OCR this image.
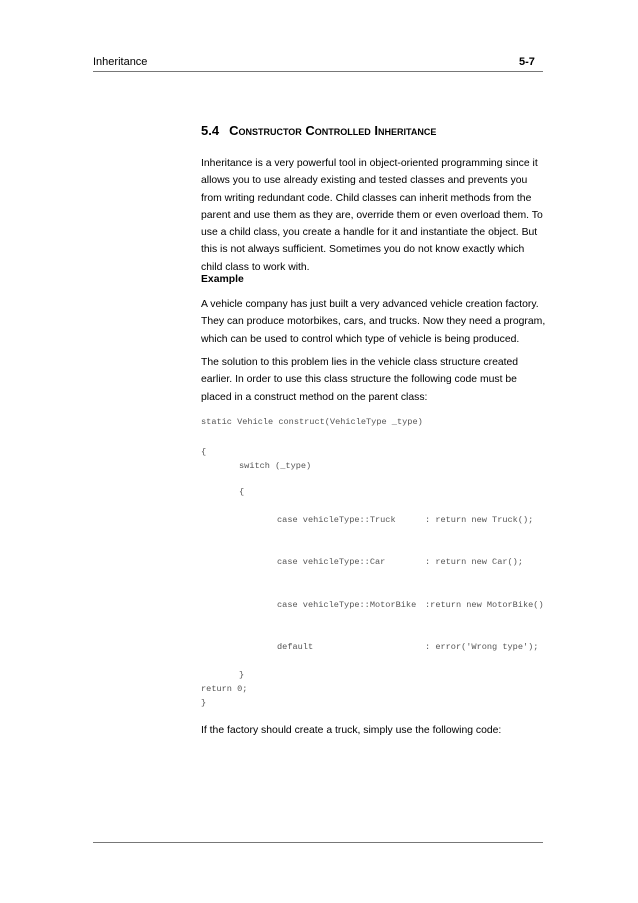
Inheritance	5-7
5.4 Constructor Controlled Inheritance

Inheritance is a very powerful tool in object-oriented programming since it allows you to use already existing and tested classes and prevents you from writing redundant code. Child classes can inherit methods from the parent and use them as they are, override them or even overload them. To use a child class, you create a handle for it and instantiate the object. But this is not always sufficient. Sometimes you do not know exactly which child class to work with.

Example

A vehicle company has just built a very advanced vehicle creation factory. They can produce motorbikes, cars, and trucks. Now they need a program, which can be used to control which type of vehicle is being produced.

The solution to this problem lies in the vehicle class structure created earlier. In order to use this class structure the following code must be placed in a construct method on the parent class:

static Vehicle construct(VehicleType _type)
{
switch (_type)
{
case vehicleType::Truck	: return new Truck();
case vehicleType::Car	: return new Car();
case vehicleType::MotorBike :return new MotorBike()
default	: error('Wrong type');
}
return 0;
}

If the factory should create a truck, simply use the following code:
